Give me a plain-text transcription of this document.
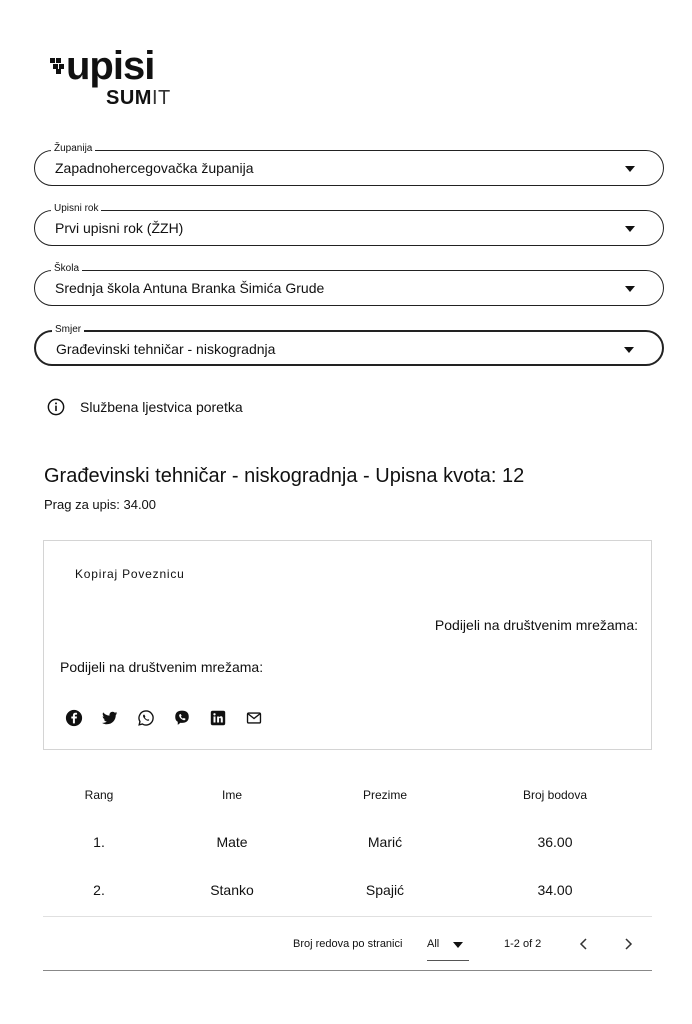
upisi
SUMIT
Županija
Zapadnohercegovačka županija
Upisni rok
Prvi upisni rok (ŽZH)
Škola
Srednja škola Antuna Branka Šimića Grude
Smjer
Građevinski tehničar - niskogradnja
Službena ljestvica poretka
Građevinski tehničar - niskogradnja - Upisna kvota: 12
Prag za upis: 34.00
Kopiraj Poveznicu
Podijeli na društvenim mrežama:
Podijeli na društvenim mrežama:
Rang	Ime	Prezime	Broj bodova
1.	Mate	Marić	36.00
2.	Stanko	Spajić	34.00
Broj redova po stranici All	1-2 of 2
